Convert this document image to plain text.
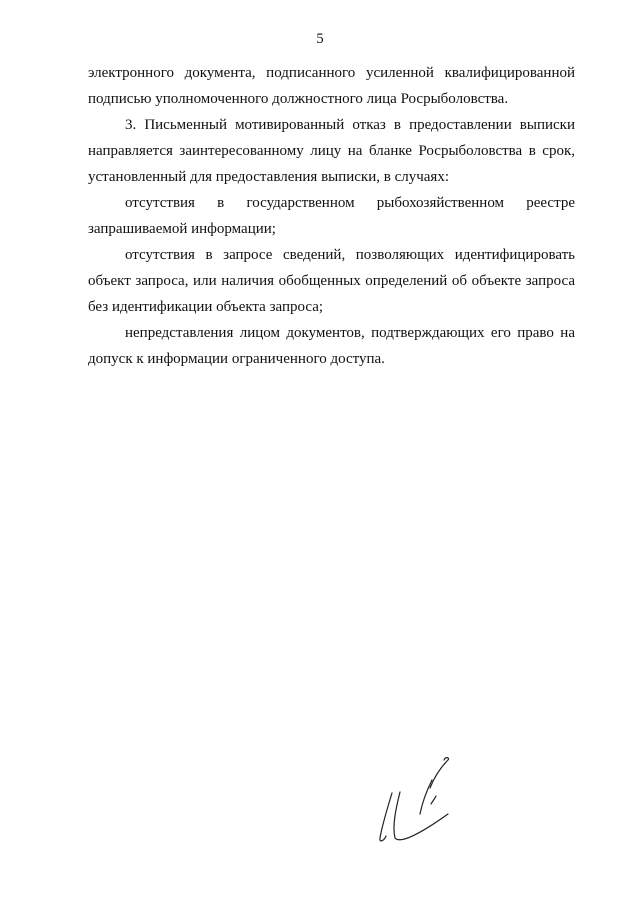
5

электронного документа, подписанного усиленной квалифицированной подписью уполномоченного должностного лица Росрыболовства.

3. Письменный мотивированный отказ в предоставлении выписки направляется заинтересованному лицу на бланке Росрыболовства в срок, установленный для предоставления выписки, в случаях:

отсутствия в государственном рыбохозяйственном реестре запрашиваемой информации;

отсутствия в запросе сведений, позволяющих идентифицировать объект запроса, или наличия обобщенных определений об объекте запроса без идентификации объекта запроса;

непредставления лицом документов, подтверждающих его право на допуск к информации ограниченного доступа.
